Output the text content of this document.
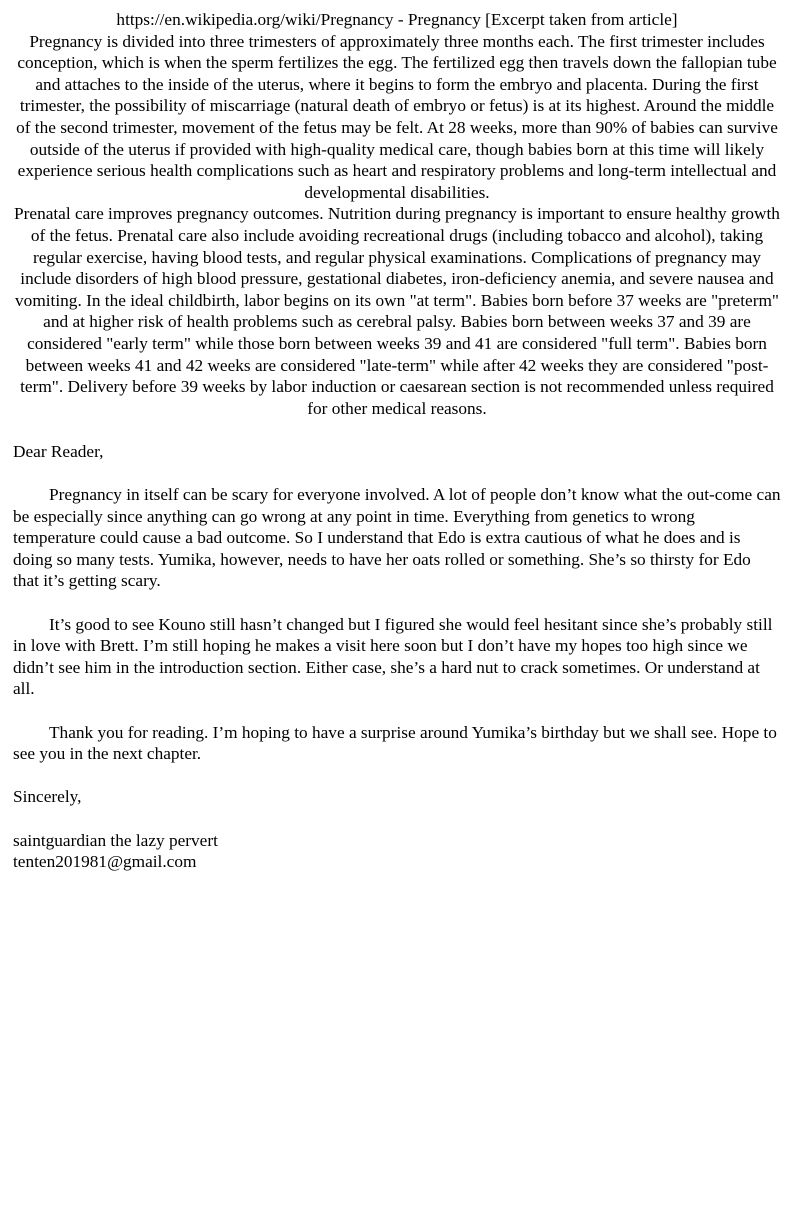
https://en.wikipedia.org/wiki/Pregnancy - Pregnancy [Excerpt taken from article]

Pregnancy is divided into three trimesters of approximately three months each. The first trimester includes conception, which is when the sperm fertilizes the egg. The fertilized egg then travels down the fallopian tube and attaches to the inside of the uterus, where it begins to form the embryo and placenta. During the first trimester, the possibility of miscarriage (natural death of embryo or fetus) is at its highest. Around the middle of the second trimester, movement of the fetus may be felt. At 28 weeks, more than 90% of babies can survive outside of the uterus if provided with high-quality medical care, though babies born at this time will likely experience serious health complications such as heart and respiratory problems and long-term intellectual and developmental disabilities.

Prenatal care improves pregnancy outcomes. Nutrition during pregnancy is important to ensure healthy growth of the fetus. Prenatal care also include avoiding recreational drugs (including tobacco and alcohol), taking regular exercise, having blood tests, and regular physical examinations. Complications of pregnancy may include disorders of high blood pressure, gestational diabetes, iron-deficiency anemia, and severe nausea and vomiting. In the ideal childbirth, labor begins on its own "at term". Babies born before 37 weeks are "preterm" and at higher risk of health problems such as cerebral palsy. Babies born between weeks 37 and 39 are considered "early term" while those born between weeks 39 and 41 are considered "full term". Babies born between weeks 41 and 42 weeks are considered "late-term" while after 42 weeks they are considered "post-term". Delivery before 39 weeks by labor induction or caesarean section is not recommended unless required for other medical reasons.

Dear Reader,

Pregnancy in itself can be scary for everyone involved. A lot of people don’t know what the out-come can be especially since anything can go wrong at any point in time. Everything from genetics to wrong temperature could cause a bad outcome. So I understand that Edo is extra cautious of what he does and is doing so many tests. Yumika, however, needs to have her oats rolled or something. She’s so thirsty for Edo that it’s getting scary.

It’s good to see Kouno still hasn’t changed but I figured she would feel hesitant since she’s probably still in love with Brett. I’m still hoping he makes a visit here soon but I don’t have my hopes too high since we didn’t see him in the introduction section. Either case, she’s a hard nut to crack sometimes. Or understand at all.

Thank you for reading. I’m hoping to have a surprise around Yumika’s birthday but we shall see. Hope to see you in the next chapter.

Sincerely,

saintguardian the lazy pervert

tenten201981@gmail.com
